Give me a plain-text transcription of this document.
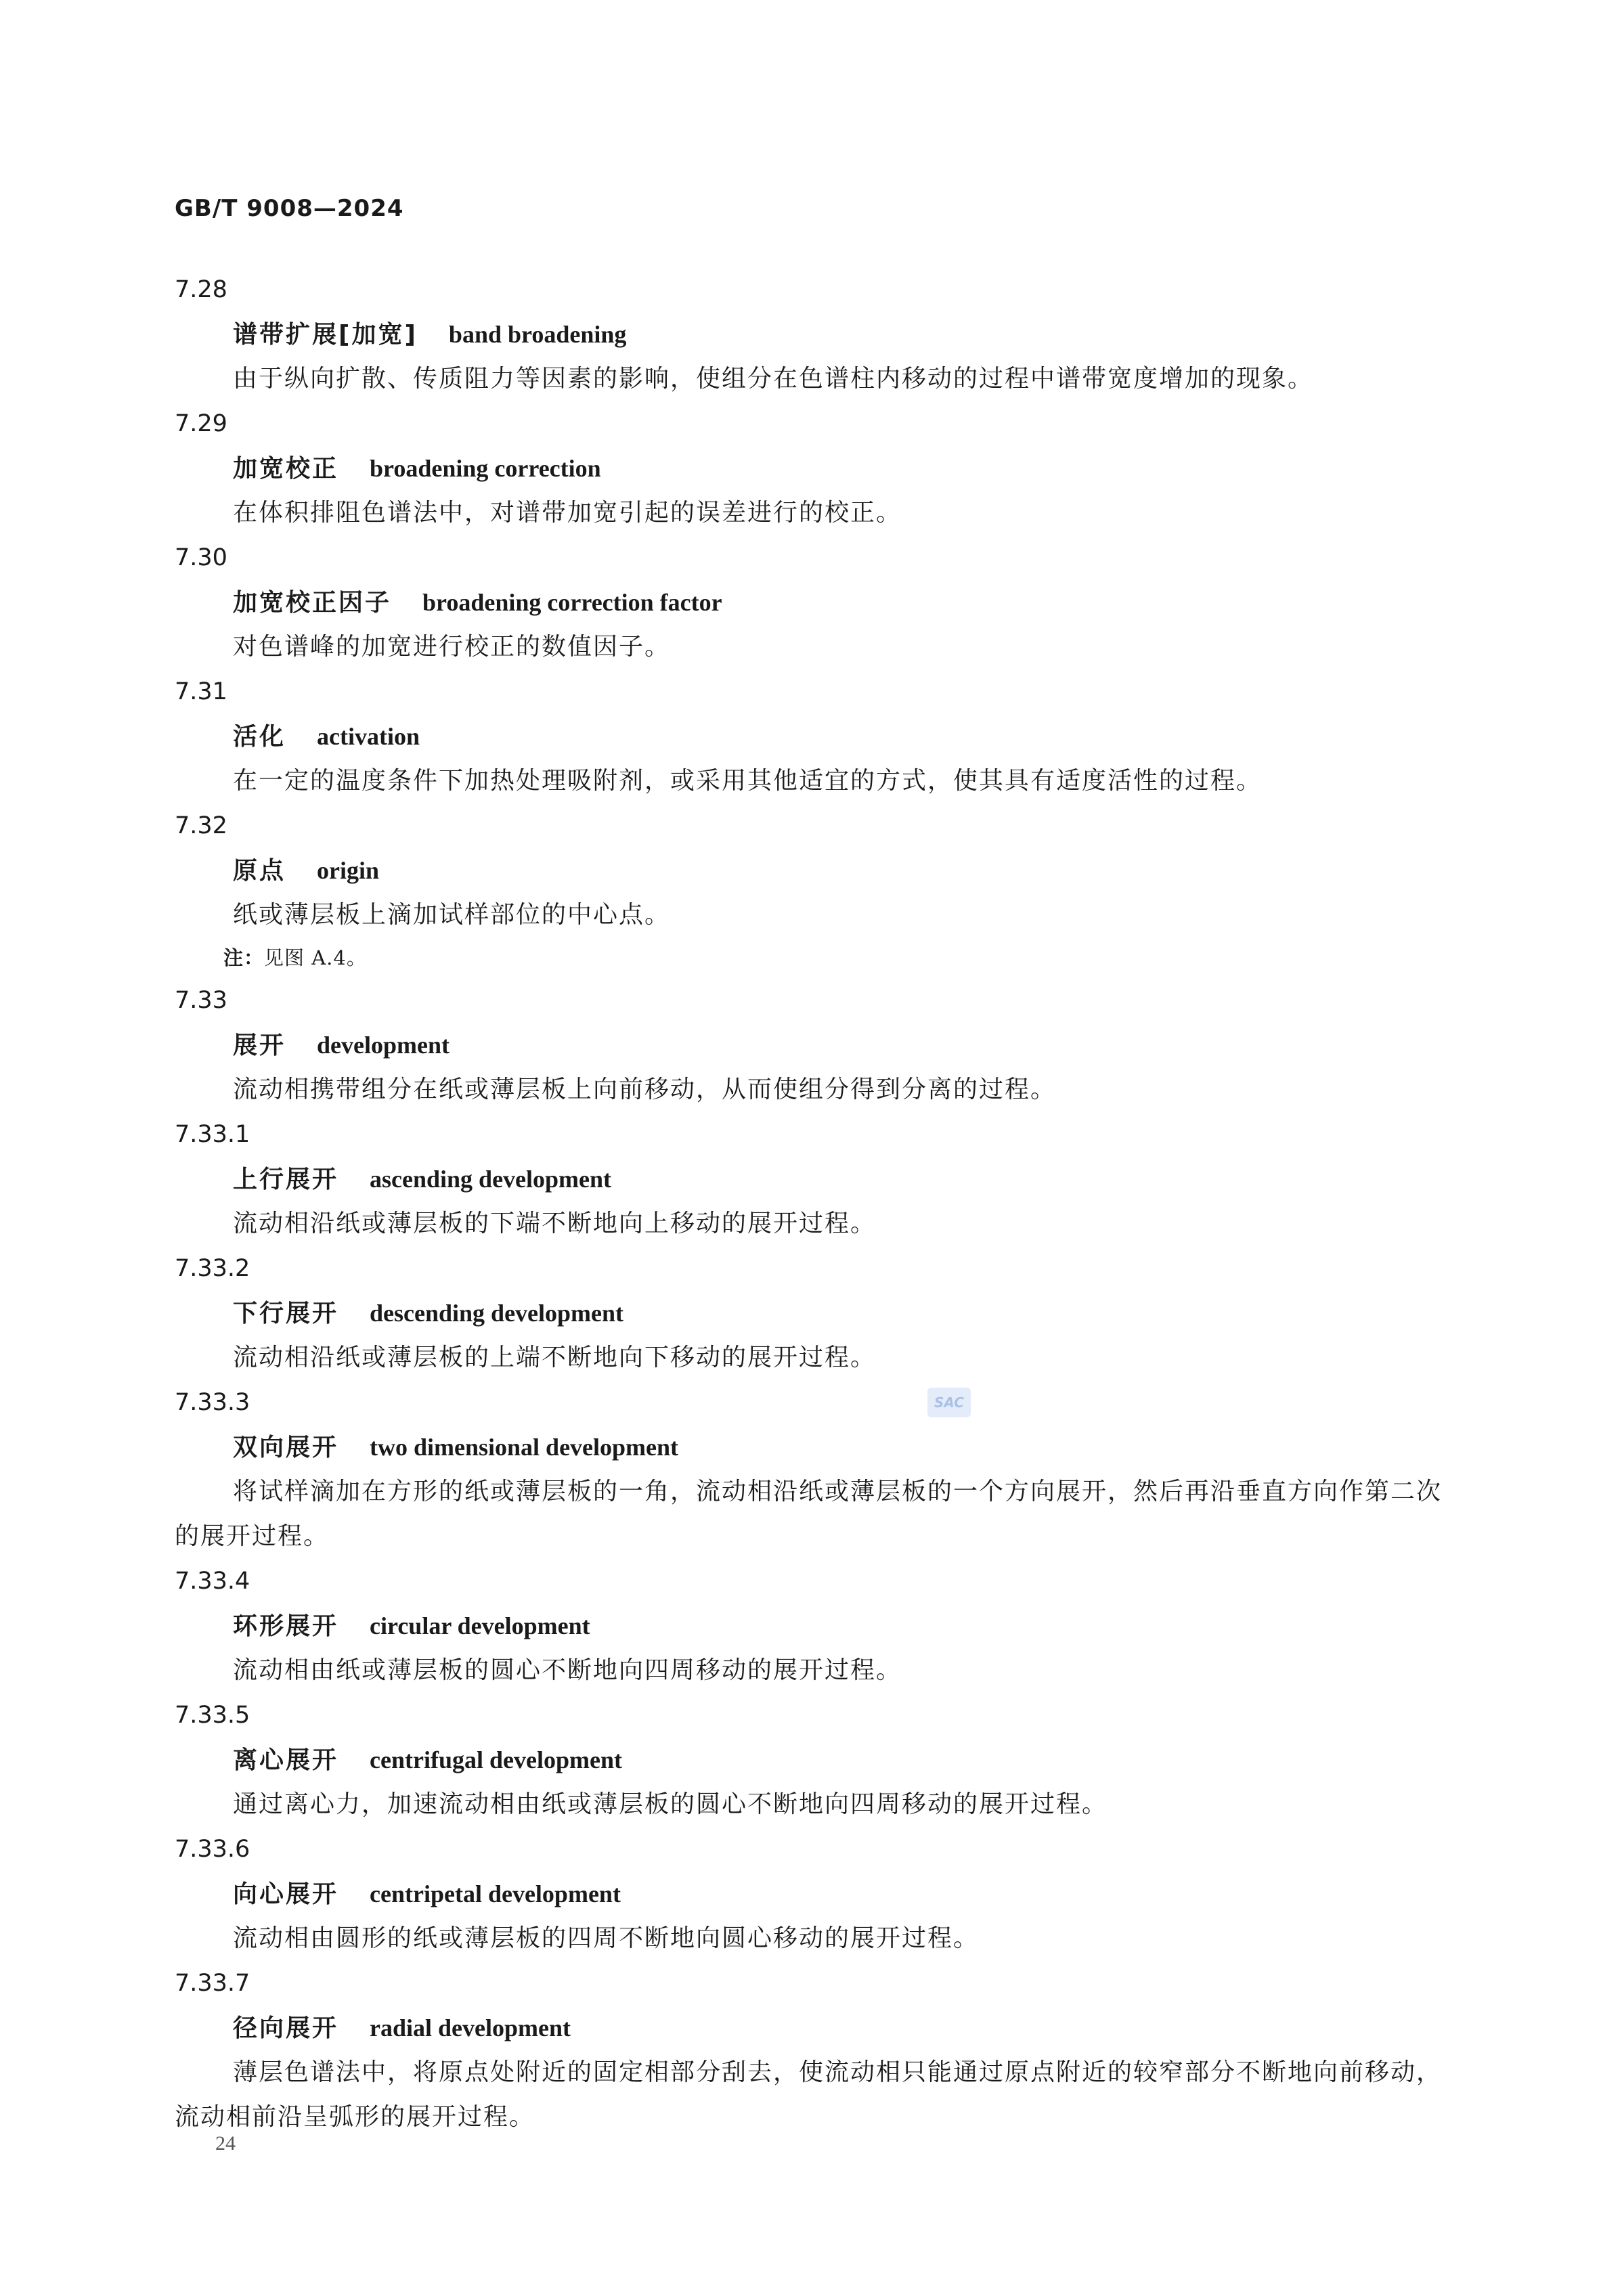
GB/T 9008—2024
7.28
谱带扩展[加宽] band broadening
由于纵向扩散、传质阻力等因素的影响，使组分在色谱柱内移动的过程中谱带宽度增加的现象。
7.29
加宽校正 broadening correction
在体积排阻色谱法中，对谱带加宽引起的误差进行的校正。
7.30
加宽校正因子 broadening correction factor
对色谱峰的加宽进行校正的数值因子。
7.31
活化 activation
在一定的温度条件下加热处理吸附剂，或采用其他适宜的方式，使其具有适度活性的过程。
7.32
原点 origin
纸或薄层板上滴加试样部位的中心点。
注：见图 A.4。
7.33
展开 development
流动相携带组分在纸或薄层板上向前移动，从而使组分得到分离的过程。
7.33.1
上行展开 ascending development
流动相沿纸或薄层板的下端不断地向上移动的展开过程。
7.33.2
下行展开 descending development
流动相沿纸或薄层板的上端不断地向下移动的展开过程。
7.33.3
双向展开 two dimensional development
将试样滴加在方形的纸或薄层板的一角，流动相沿纸或薄层板的一个方向展开，然后再沿垂直方向作第二次的展开过程。
7.33.4
环形展开 circular development
流动相由纸或薄层板的圆心不断地向四周移动的展开过程。
7.33.5
离心展开 centrifugal development
通过离心力，加速流动相由纸或薄层板的圆心不断地向四周移动的展开过程。
7.33.6
向心展开 centripetal development
流动相由圆形的纸或薄层板的四周不断地向圆心移动的展开过程。
7.33.7
径向展开 radial development
薄层色谱法中，将原点处附近的固定相部分刮去，使流动相只能通过原点附近的较窄部分不断地向前移动，流动相前沿呈弧形的展开过程。
SAC
24
